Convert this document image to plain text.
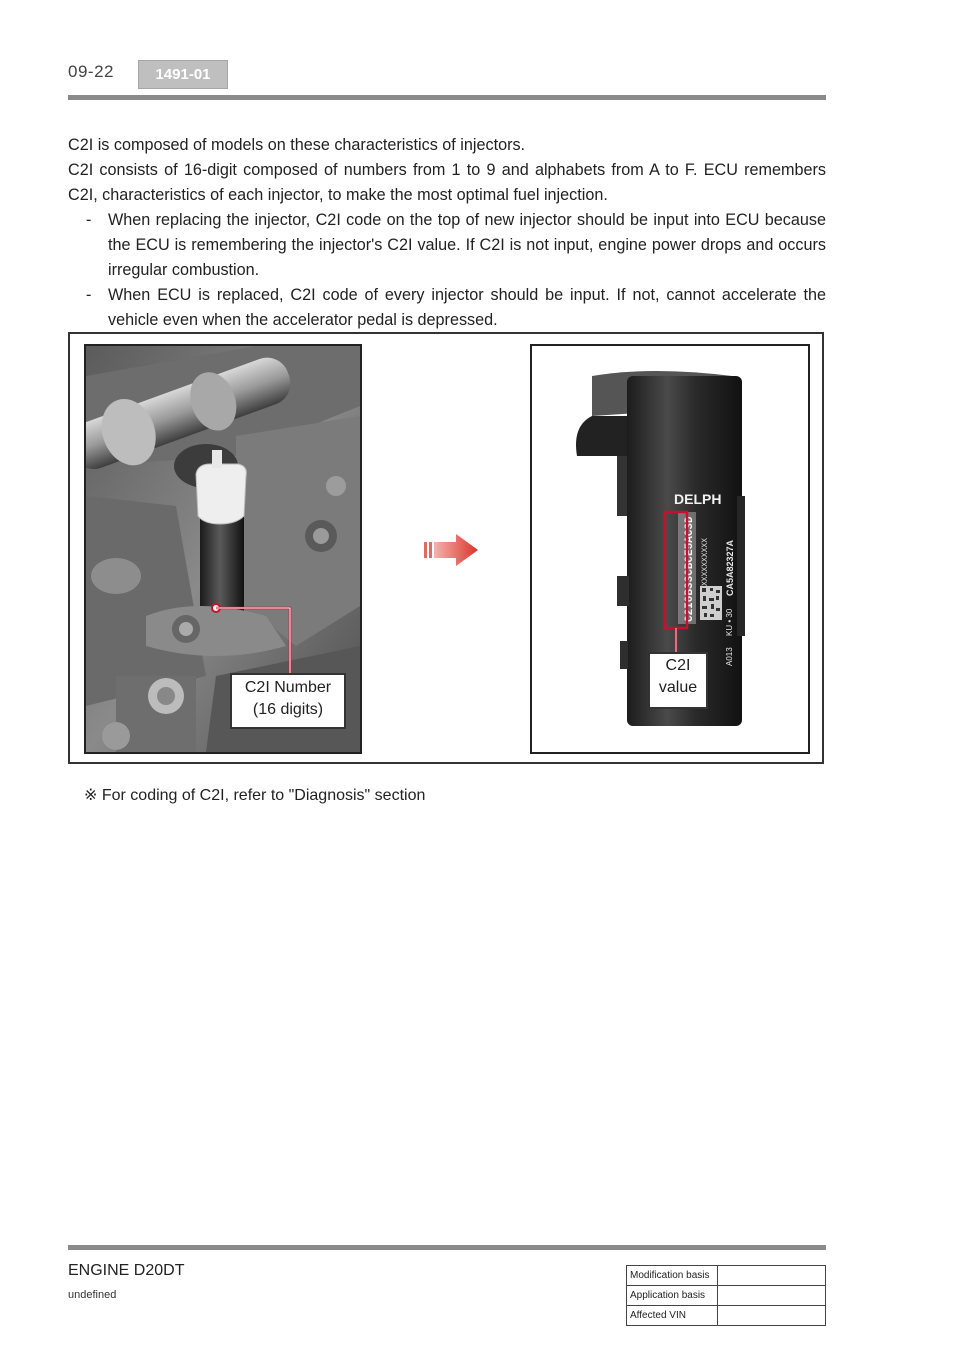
09-22	1491-01

C2I is composed of models on these characteristics of injectors.

C2I consists of 16-digit composed of numbers from 1 to 9 and alphabets from A to F. ECU remembers C2I, characteristics of each injector, to make the most optimal fuel injection.

-	When replacing the injector, C2I code on the top of new injector should be input into ECU because the ECU is remembering the injector's C2I value. If C2I is not input, engine power drops and occurs irregular combustion.
-	When ECU is replaced, C2I code of every injector should be input. If not, cannot accelerate the vehicle even when the accelerator pedal is depressed.
DELPH
C2I0B33CBCE5AC3D XXXXXXXXXX CA5A82327A
KU ▪ 30
A013
C2I Number
(16 digits)
C2I
value
※ For coding of C2I, refer to "Diagnosis" section
ENGINE D20DT
undefined
Modification basis	
Application basis	
Affected VIN	
